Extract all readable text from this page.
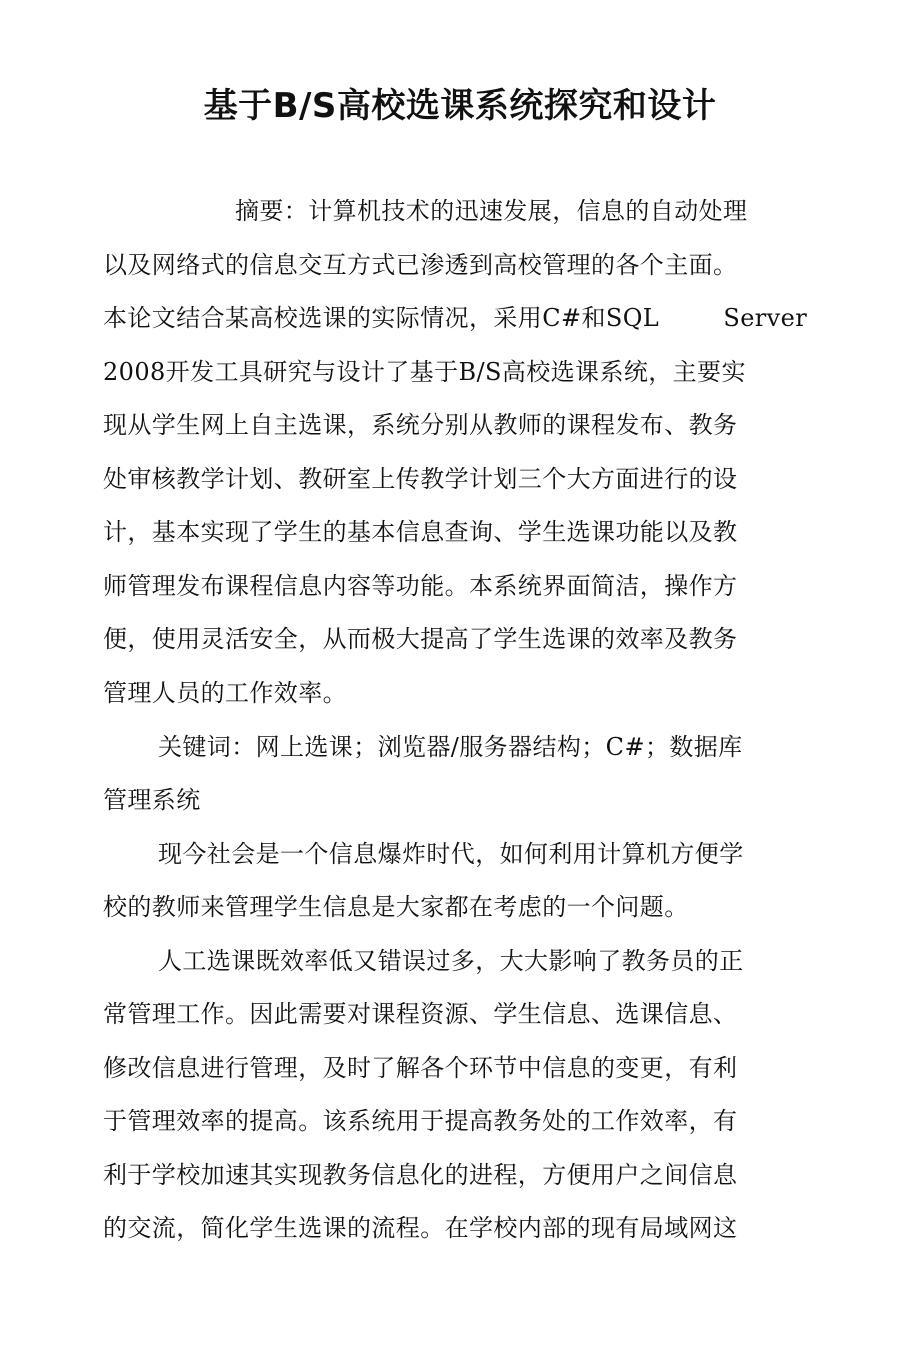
基于B/S高校选课系统探究和设计
摘要：计算机技术的迅速发展，信息的自动处理
以及网络式的信息交互方式已渗透到高校管理的各个主面。
本论文结合某高校选课的实际情况，采用C#和SQL        Server
2008开发工具研究与设计了基于B/S高校选课系统，主要实
现从学生网上自主选课，系统分别从教师的课程发布、教务
处审核教学计划、教研室上传教学计划三个大方面进行的设
计，基本实现了学生的基本信息查询、学生选课功能以及教
师管理发布课程信息内容等功能。本系统界面简洁，操作方
便，使用灵活安全，从而极大提高了学生选课的效率及教务
管理人员的工作效率。
关键词：网上选课；浏览器/服务器结构；C#；数据库
管理系统
现今社会是一个信息爆炸时代，如何利用计算机方便学
校的教师来管理学生信息是大家都在考虑的一个问题。
人工选课既效率低又错误过多，大大影响了教务员的正
常管理工作。因此需要对课程资源、学生信息、选课信息、
修改信息进行管理，及时了解各个环节中信息的变更，有利
于管理效率的提高。该系统用于提高教务处的工作效率，有
利于学校加速其实现教务信息化的进程，方便用户之间信息
的交流，简化学生选课的流程。在学校内部的现有局域网这
